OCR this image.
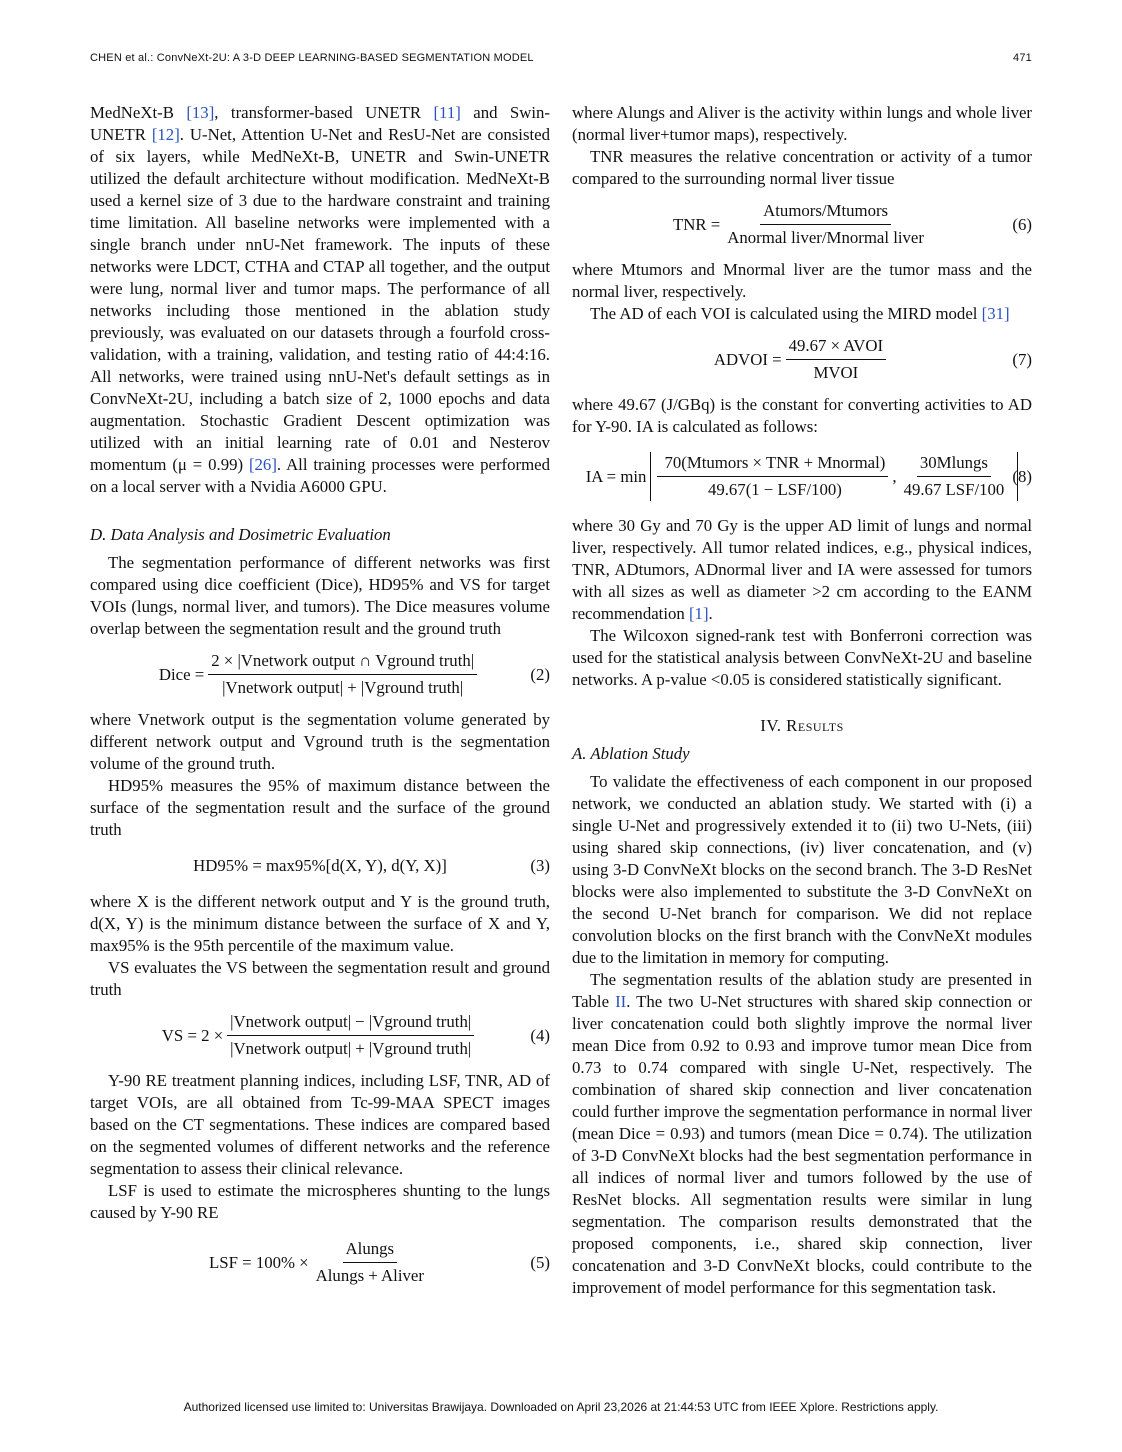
CHEN et al.: ConvNeXt-2U: A 3-D DEEP LEARNING-BASED SEGMENTATION MODEL	471

MedNeXt-B [13], transformer-based UNETR [11] and Swin-UNETR [12]. U-Net, Attention U-Net and ResU-Net are consisted of six layers, while MedNeXt-B, UNETR and Swin-UNETR utilized the default architecture without modification. MedNeXt-B used a kernel size of 3 due to the hardware constraint and training time limitation. All baseline networks were implemented with a single branch under nnU-Net framework. The inputs of these networks were LDCT, CTHA and CTAP all together, and the output were lung, normal liver and tumor maps. The performance of all networks including those mentioned in the ablation study previously, was evaluated on our datasets through a fourfold cross-validation, with a training, validation, and testing ratio of 44:4:16. All networks, were trained using nnU-Net's default settings as in ConvNeXt-2U, including a batch size of 2, 1000 epochs and data augmentation. Stochastic Gradient Descent optimization was utilized with an initial learning rate of 0.01 and Nesterov momentum (μ = 0.99) [26]. All training processes were performed on a local server with a Nvidia A6000 GPU.

D. Data Analysis and Dosimetric Evaluation

The segmentation performance of different networks was first compared using dice coefficient (Dice), HD95% and VS for target VOIs (lungs, normal liver, and tumors). The Dice measures volume overlap between the segmentation result and the ground truth

Dice = $\frac{\text{2 × |Vnetwork output ∩ Vground truth|}}{\text{|Vnetwork output| + |Vground truth|}}$	(2)

where Vnetwork output is the segmentation volume generated by different network output and Vground truth is the segmentation volume of the ground truth.

HD95% measures the 95% of maximum distance between the surface of the segmentation result and the surface of the ground truth

HD95% = max95%[d(X, Y), d(Y, X)]	(3)

where X is the different network output and Y is the ground truth, d(X, Y) is the minimum distance between the surface of X and Y, max95% is the 95th percentile of the maximum value.

VS evaluates the VS between the segmentation result and ground truth

VS = $2 \times \frac{\text{|Vnetwork output| − |Vground truth|}}{\text{|Vnetwork output| + |Vground truth|}}$	(4)

Y-90 RE treatment planning indices, including LSF, TNR, AD of target VOIs, are all obtained from Tc-99-MAA SPECT images based on the CT segmentations. These indices are compared based on the segmented volumes of different networks and the reference segmentation to assess their clinical relevance.

LSF is used to estimate the microspheres shunting to the lungs caused by Y-90 RE

LSF = $100\% \times \frac{\text{Alungs}}{\text{Alungs + Aliver}}$	(5)

where Alungs and Aliver is the activity within lungs and whole liver (normal liver+tumor maps), respectively.

TNR measures the relative concentration or activity of a tumor compared to the surrounding normal liver tissue

TNR = $\frac{\text{Atumors/Mtumors}}{\text{Anormal liver/Mnormal liver}}$	(6)

where Mtumors and Mnormal liver are the tumor mass and the normal liver, respectively.

The AD of each VOI is calculated using the MIRD model [31]

ADVOI = $\frac{\text{49.67 × AVOI}}{\text{MVOI}}$	(7)

where 49.67 (J/GBq) is the constant for converting activities to AD for Y-90. IA is calculated as follows:

IA = $\min \frac{\text{70(Mtumors × TNR + Mnormal)}}{\text{49.67(1 − LSF/100)}}$ , $\frac{\text{30Mlungs}}{\text{49.67 LSF/100}} (8)$

where 30 Gy and 70 Gy is the upper AD limit of lungs and normal liver, respectively. All tumor related indices, e.g., physical indices, TNR, ADtumors, ADnormal liver and IA were assessed for tumors with all sizes as well as diameter >2 cm according to the EANM recommendation [1].

The Wilcoxon signed-rank test with Bonferroni correction was used for the statistical analysis between ConvNeXt-2U and baseline networks. A p-value <0.05 is considered statistically significant.

IV. Results
A. Ablation Study

To validate the effectiveness of each component in our proposed network, we conducted an ablation study. We started with (i) a single U-Net and progressively extended it to (ii) two U-Nets, (iii) using shared skip connections, (iv) liver concatenation, and (v) using 3-D ConvNeXt blocks on the second branch. The 3-D ResNet blocks were also implemented to substitute the 3-D ConvNeXt on the second U-Net branch for comparison. We did not replace convolution blocks on the first branch with the ConvNeXt modules due to the limitation in memory for computing.

The segmentation results of the ablation study are presented in Table II. The two U-Net structures with shared skip connection or liver concatenation could both slightly improve the normal liver mean Dice from 0.92 to 0.93 and improve tumor mean Dice from 0.73 to 0.74 compared with single U-Net, respectively. The combination of shared skip connection and liver concatenation could further improve the segmentation performance in normal liver (mean Dice = 0.93) and tumors (mean Dice = 0.74). The utilization of 3-D ConvNeXt blocks had the best segmentation performance in all indices of normal liver and tumors followed by the use of ResNet blocks. All segmentation results were similar in lung segmentation. The comparison results demonstrated that the proposed components, i.e., shared skip connection, liver concatenation and 3-D ConvNeXt blocks, could contribute to the improvement of model performance for this segmentation task.

Authorized licensed use limited to: Universitas Brawijaya. Downloaded on April 23,2026 at 21:44:53 UTC from IEEE Xplore. Restrictions apply.
